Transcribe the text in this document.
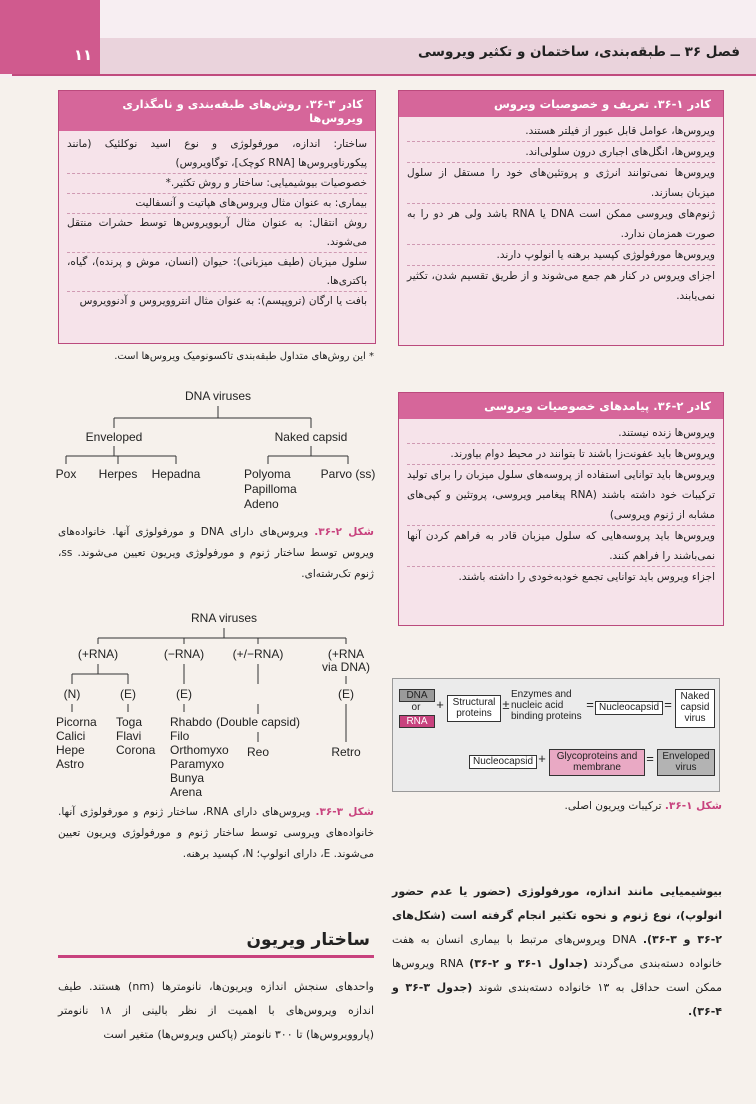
۱۱	فصل ۳۶ ــ طبقه‌بندی، ساختمان و تکثیر ویروسی
کادر ۱-۳۶. تعریف و خصوصیات ویروس

ویروس‌ها، عوامل قابل عبور از فیلتر هستند.

ویروس‌ها، انگل‌های اجباری درون سلولی‌اند.

ویروس‌ها نمی‌توانند انرژی و پروتئین‌های خود را مستقل از سلول میزبان بسازند.

ژنوم‌های ویروسی ممکن است DNA یا RNA باشد ولی هر دو را به صورت همزمان ندارد.

ویروس‌ها مورفولوژی کپسید برهنه یا انولوپ دارند.

اجزای ویروس در کنار هم جمع می‌شوند و از طریق تقسیم شدن، تکثیر نمی‌یابند.

کادر ۲-۳۶. پیامدهای خصوصیات ویروسی

ویروس‌ها زنده نیستند.

ویروس‌ها باید عفونت‌زا باشند تا بتوانند در محیط دوام بیاورند.

ویروس‌ها باید توانایی استفاده از پروسه‌های سلول میزبان را برای تولید ترکیبات خود داشته باشند (RNA پیغامبر ویروسی، پروتئین و کپی‌های مشابه از ژنوم ویروسی)

ویروس‌ها باید پروسه‌هایی که سلول میزبان قادر به فراهم کردن آنها نمی‌باشند را فراهم کنند.

اجزاء ویروس باید توانایی تجمع خودبه‌خودی را داشته باشند.

کادر ۳-۳۶. روش‌های طبقه‌بندی و نامگذاری ویروس‌ها

ساختار: اندازه، مورفولوژی و نوع اسید نوکلئیک (مانند پیکورناویروس‌ها [RNA کوچک]، توگاویروس)

خصوصیات بیوشیمیایی: ساختار و روش تکثیر.*

بیماری: به عنوان مثال ویروس‌های هپاتیت و آنسفالیت

روش انتقال: به عنوان مثال آربوویروس‌ها توسط حشرات منتقل می‌شوند.

سلول میزبان (طیف میزبانی): حیوان (انسان، موش و پرنده)، گیاه، باکتری‌ها.

بافت یا ارگان (تروپیسم): به عنوان مثال انتروویروس و آدنوویروس

* این روش‌های متداول طبقه‌بندی تاکسونومیک ویروس‌ها است.
DNA viruses
Enveloped	Naked capsid
Pox Herpes Hepadna	Polyoma
Papilloma
Adeno
Parvo (ss)
شکل ۲-۳۶. ویروس‌های دارای DNA و مورفولوژی آنها. خانواده‌های ویروس توسط ساختار ژنوم و مورفولوژی ویریون تعیین می‌شوند. ss، ژنوم تک‌رشته‌ای.
RNA viruses
(+RNA)	(−RNA) (+/−RNA)	(+RNA
via DNA)
(N)	(E)	(E)
(Double capsid)
(E)
Picorna
Calici
Hepe
Astro
Toga
Flavi
Corona
Rhabdo
Filo
Orthomyxo
Paramyxo
Bunya
Arena
Reo	Retro
شکل ۳-۳۶. ویروس‌های دارای RNA، ساختار ژنوم و مورفولوژی آنها. خانواده‌های ویروسی توسط ساختار ژنوم و مورفولوژی ویریون تعیین می‌شوند. E، دارای انولوپ؛ N، کپسید برهنه.
ساختار ویریون
واحدهای سنجش اندازه ویریون‌ها، نانومترها (nm) هستند. طیف اندازه ویروس‌های با اهمیت از نظر بالینی از ۱۸ نانومتر (پاروویروس‌ها) تا ۳۰۰ نانومتر (پاکس ویروس‌ها) متغیر است
DNA
or
RNA
+ Structural proteins
±
Enzymes and nucleic acid binding proteins
= Nucleocapsid =
Naked capsid virus
Nucleocapsid +	Glycoproteins and membrane
= Enveloped virus
شکل ۱-۳۶. ترکیبات ویریون اصلی.
بیوشیمیایی مانند اندازه، مورفولوژی (حضور یا عدم حضور انولوپ)، نوع ژنوم و نحوه تکثیر انجام گرفته است (شکل‌های ۲-۳۶ و ۳-۳۶). DNA ویروس‌های مرتبط با بیماری انسان به هفت خانواده دسته‌بندی می‌گردند (جداول ۱-۳۶ و ۲-۳۶) RNA ویروس‌ها ممکن است حداقل به ۱۳ خانواده دسته‌بندی شوند (جدول ۳-۳۶ و ۴-۳۶).
